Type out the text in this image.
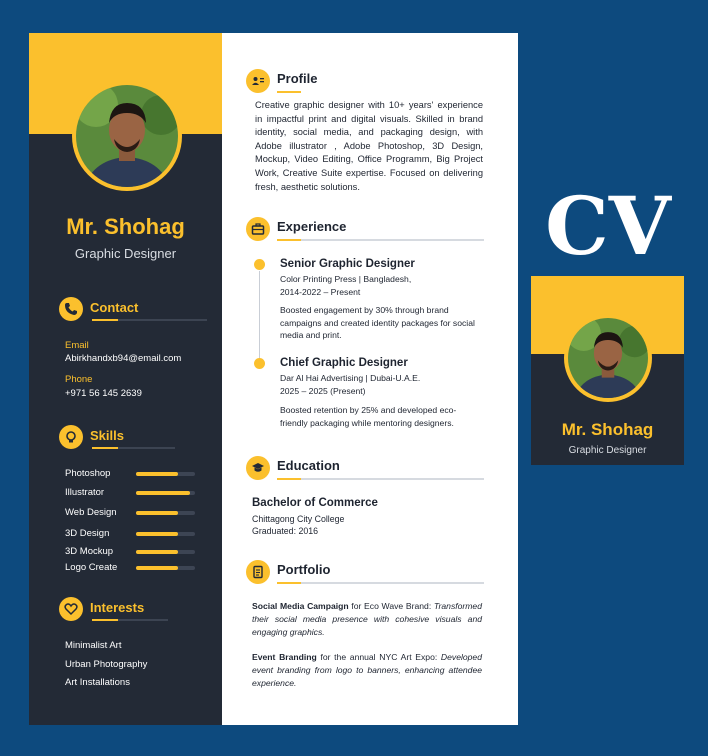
Mr. Shohag
Graphic Designer
Contact
Email
Abirkhandxb94@email.com
Phone
+971 56 145 2639
Skills
Photoshop
Illustrator
Web Design
3D Design
3D Mockup
Logo Create
Interests
Minimalist Art
Urban Photography
Art Installations
Profile
Creative graphic designer with 10+ years' experience in impactful print and digital visuals. Skilled in brand identity, social media, and packaging design, with Adobe illustrator , Adobe Photoshop, 3D Design, Mockup, Video Editing, Office Programm, Big Project Work, Creative Suite expertise. Focused on delivering fresh, aesthetic solutions.
Experience
Senior Graphic Designer
Color Printing Press | Bangladesh,
2014-2022 – Present
Boosted engagement by 30% through brand campaigns and created identity packages for social media and print.
Chief Graphic Designer
Dar Al Hai Advertising | Dubai-U.A.E.
2025 – 2025 (Present)
Boosted retention by 25% and developed eco-friendly packaging while mentoring designers.
Education
Bachelor of Commerce
Chittagong City College
Graduated: 2016
Portfolio
Social Media Campaign for Eco Wave Brand: Transformed their social media presence with cohesive visuals and engaging graphics.
Event Branding for the annual NYC Art Expo: Developed event branding from logo to banners, enhancing attendee experience.
CV
Mr. Shohag
Graphic Designer
